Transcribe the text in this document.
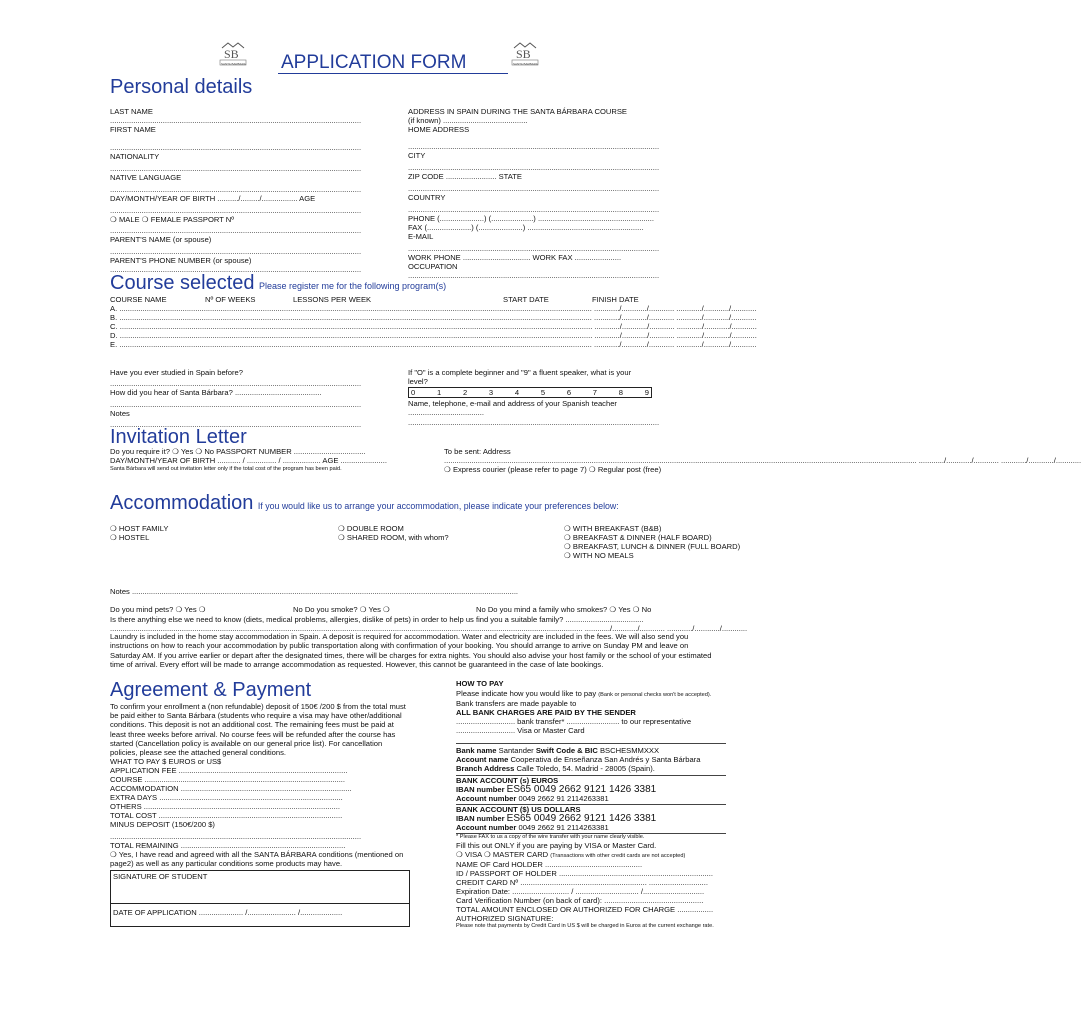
SB
SANTA BARBARA
SB
SANTA BARBARA
APPLICATION FORM
Personal details
LAST NAME
.......................................................................................................................
FIRST NAME
.......................................................................................................................
NATIONALITY
.......................................................................................................................
NATIVE LANGUAGE
.......................................................................................................................
DAY/MONTH/YEAR OF BIRTH ........../........./................. AGE
.......................................................................................................................
❍ MALE ❍ FEMALE PASSPORT Nº
.......................................................................................................................
PARENT'S NAME (or spouse)
.......................................................................................................................
PARENT'S PHONE NUMBER (or spouse)
.......................................................................................................................
ADDRESS IN SPAIN DURING THE SANTA BÁRBARA COURSE
(if known) ........................................
HOME ADDRESS
.......................................................................................................................
CITY
.......................................................................................................................
ZIP CODE ........................ STATE
.......................................................................................................................
COUNTRY
.......................................................................................................................
PHONE (.....................) (....................) .......................................................
FAX (.....................) (.....................) .......................................................
E-MAIL
.......................................................................................................................
WORK PHONE ................................ WORK FAX ......................
OCCUPATION
.......................................................................................................................
Course selected Please register me for the following program(s)
COURSE NAME	Nº OF WEEKS	LESSONS PER WEEK	START DATE	FINISH DATE
A. ................................................................................................................................................................................................................................ ............/............/............ ............/............/............
B. ................................................................................................................................................................................................................................ ............/............/............ ............/............/............
C. ................................................................................................................................................................................................................................ ............/............/............ ............/............/............
D. ................................................................................................................................................................................................................................ ............/............/............ ............/............/............
E. ................................................................................................................................................................................................................................ ............/............/............ ............/............/............
Have you ever studied in Spain before?
.......................................................................................................................
How did you hear of Santa Bárbara? .........................................
.......................................................................................................................
Notes
.......................................................................................................................
If "O" is a complete beginner and "9" a fluent speaker, what is your level?
0	1	2	3	4	5	6	7	8	9
Name, telephone, e-mail and address of your Spanish teacher
....................................
.......................................................................................................................
Invitation Letter
Do you require it? ❍ Yes ❍ No PASSPORT NUMBER ..................................
DAY/MONTH/YEAR OF BIRTH ........... / .............. / .................. AGE ......................
Santa Bárbara will send out invitation letter only if the total cost of the program has been paid.
To be sent: Address
................................................................................................................................................................................................................................ ............/............/............ ............/............/............
❍ Express courier (please refer to page 7) ❍ Regular post (free)
Accommodation If you would like us to arrange your accommodation, please indicate your preferences below:
❍ HOST FAMILY
❍ HOSTEL
❍ DOUBLE ROOM
❍ SHARED ROOM, with whom?
❍ WITH BREAKFAST (B&B)
❍ BREAKFAST & DINNER (HALF BOARD)
❍ BREAKFAST, LUNCH & DINNER (FULL BOARD)
❍ WITH NO MEALS
Notes .......................................................................................................................................................................................
Do you mind pets? ❍ Yes ❍	No Do you smoke? ❍ Yes ❍	No Do you mind a family who smokes? ❍ Yes ❍ No
Is there anything else we need to know (diets, medical problems, allergies, dislike of pets) in order to help us find you a suitable family? .....................................
................................................................................................................................................................................................................................ ............/............/............ ............/............/............
Laundry is included in the home stay accommodation in Spain. A deposit is required for accommodation. Water and electricity are included in the fees. We will also send you instructions on how to reach your accommodation by public transportation along with confirmation of your booking. You should arrange to arrive on Sunday PM and leave on Saturday AM. If you arrive earlier or depart after the designated times, there will be charges for extra nights. You should also advise your host family or the school of your estimated time of arrival. Every effort will be made to arrange accommodation as requested. However, this cannot be guaranteed in the case of late bookings.
Agreement & Payment
To confirm your enrollment a (non refundable) deposit of 150€ /200 $ from the total must be paid either to Santa Bárbara (students who require a visa may have other/additional conditions. This deposit is not an additional cost. The remaining fees must be paid at least three weeks before arrival. No course fees will be refunded after the course has started (Cancellation policy is available on our general price list). For cancellation policies, please see the attached general conditions.
WHAT TO PAY $ EUROS or US$
APPLICATION FEE ................................................................................
COURSE ...............................................................................................
ACCOMMODATION .................................................................................
EXTRA DAYS .......................................................................................
OTHERS .............................................................................................
TOTAL COST .......................................................................................
MINUS DEPOSIT (150€/200 $)
.......................................................................................................................
TOTAL REMAINING ..............................................................................
❍ Yes, I have read and agreed with all the SANTA BÁRBARA conditions (mentioned on page2) as well as any particular conditions some products may have.
SIGNATURE OF STUDENT
DATE OF APPLICATION ..................... /....................... /....................
HOW TO PAY
Please indicate how you would like to pay (Bank or personal checks won't be accepted).
Bank transfers are made payable to
ALL BANK CHARGES ARE PAID BY THE SENDER
............................ bank transfer* ......................... to our representative
............................ Visa or Master Card
Bank name Santander Swift Code & BIC BSCHESMMXXX
Account name Cooperativa de Enseñanza San Andrés y Santa Bárbara
Branch Address Calle Toledo, 54. Madrid - 28005 (Spain).
BANK ACCOUNT (s) EUROS
IBAN number ES65 0049 2662 9121 1426 3381
Account number 0049 2662 91 2114263381
BANK ACCOUNT ($) US DOLLARS
IBAN number ES65 0049 2662 9121 1426 3381
Account number 0049 2662 91 2114263381
* Please FAX to us a copy of the wire transfer with your name clearly visible.
Fill this out ONLY if you are paying by VISA or Master Card.
❍ VISA ❍ MASTER CARD (Transactions with other credit cards are not accepted)
NAME OF Card HOLDER ..............................................
ID / PASSPORT OF HOLDER .........................................................................
CREDIT CARD Nº ............................................................ ............................
Expiration Date: ........................... / .............................. /.............................
Card Verification Number (on back of card): ...............................................
TOTAL AMOUNT ENCLOSED OR AUTHORIZED FOR CHARGE .................
AUTHORIZED SIGNATURE:
Please note that payments by Credit Card in US $ will be charged in Euros at the current exchange rate.
